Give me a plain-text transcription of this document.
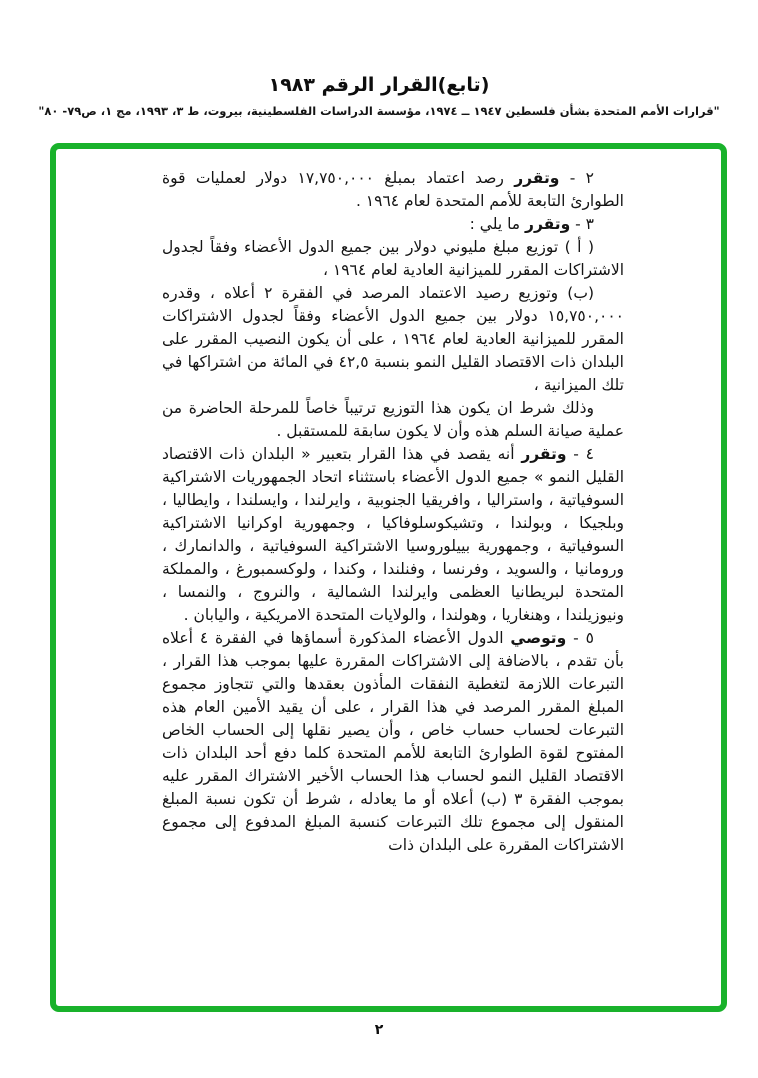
(تابع)القرار الرقم ١٩٨٣
"قرارات الأمم المتحدة بشأن فلسطين ١٩٤٧ ــ ١٩٧٤، مؤسسة الدراسات الفلسطينية، بيروت، ط ٣، ١٩٩٣، مج ١، ص٧٩- ٨٠"

٢ - وتقرر رصد اعتماد بمبلغ ١٧,٧٥٠,٠٠٠ دولار لعمليات قوة الطوارئ التابعة للأمم المتحدة لعام ١٩٦٤ .

٣ - وتقرر ما يلي :

( أ ) توزيع مبلغ مليوني دولار بين جميع الدول الأعضاء وفقاً لجدول الاشتراكات المقرر للميزانية العادية لعام ١٩٦٤ ،

(ب) وتوزيع رصيد الاعتماد المرصد في الفقرة ٢ أعلاه ، وقدره ١٥,٧٥٠,٠٠٠ دولار بين جميع الدول الأعضاء وفقاً لجدول الاشتراكات المقرر للميزانية العادية لعام ١٩٦٤ ، على أن يكون النصيب المقرر على البلدان ذات الاقتصاد القليل النمو بنسبة ٤٢,٥ في المائة من اشتراكها في تلك الميزانية ،

وذلك شرط ان يكون هذا التوزيع ترتيباً خاصاً للمرحلة الحاضرة من عملية صيانة السلم هذه وأن لا يكون سابقة للمستقبل .

٤ - وتقرر أنه يقصد في هذا القرار بتعبير « البلدان ذات الاقتصاد القليل النمو » جميع الدول الأعضاء باستثناء اتحاد الجمهوريات الاشتراكية السوفياتية ، واستراليا ، وافريقيا الجنوبية ، وايرلندا ، وايسلندا ، وايطاليا ، وبلجيكا ، وبولندا ، وتشيكوسلوفاكيا ، وجمهورية اوكرانيا الاشتراكية السوفياتية ، وجمهورية بييلوروسيا الاشتراكية السوفياتية ، والدانمارك ، ورومانيا ، والسويد ، وفرنسا ، وفنلندا ، وكندا ، ولوكسمبورغ ، والمملكة المتحدة لبريطانيا العظمى وايرلندا الشمالية ، والنروج ، والنمسا ، ونيوزيلندا ، وهنغاريا ، وهولندا ، والولايات المتحدة الامريكية ، واليابان .

٥ - وتوصي الدول الأعضاء المذكورة أسماؤها في الفقرة ٤ أعلاه بأن تقدم ، بالاضافة إلى الاشتراكات المقررة عليها بموجب هذا القرار ، التبرعات اللازمة لتغطية النفقات المأذون بعقدها والتي تتجاوز مجموع المبلغ المقرر المرصد في هذا القرار ، على أن يقيد الأمين العام هذه التبرعات لحساب حساب خاص ، وأن يصير نقلها إلى الحساب الخاص المفتوح لقوة الطوارئ التابعة للأمم المتحدة كلما دفع أحد البلدان ذات الاقتصاد القليل النمو لحساب هذا الحساب الأخير الاشتراك المقرر عليه بموجب الفقرة ٣ (ب) أعلاه أو ما يعادله ، شرط أن تكون نسبة المبلغ المنقول إلى مجموع تلك التبرعات كنسبة المبلغ المدفوع إلى مجموع الاشتراكات المقررة على البلدان ذات

٢
